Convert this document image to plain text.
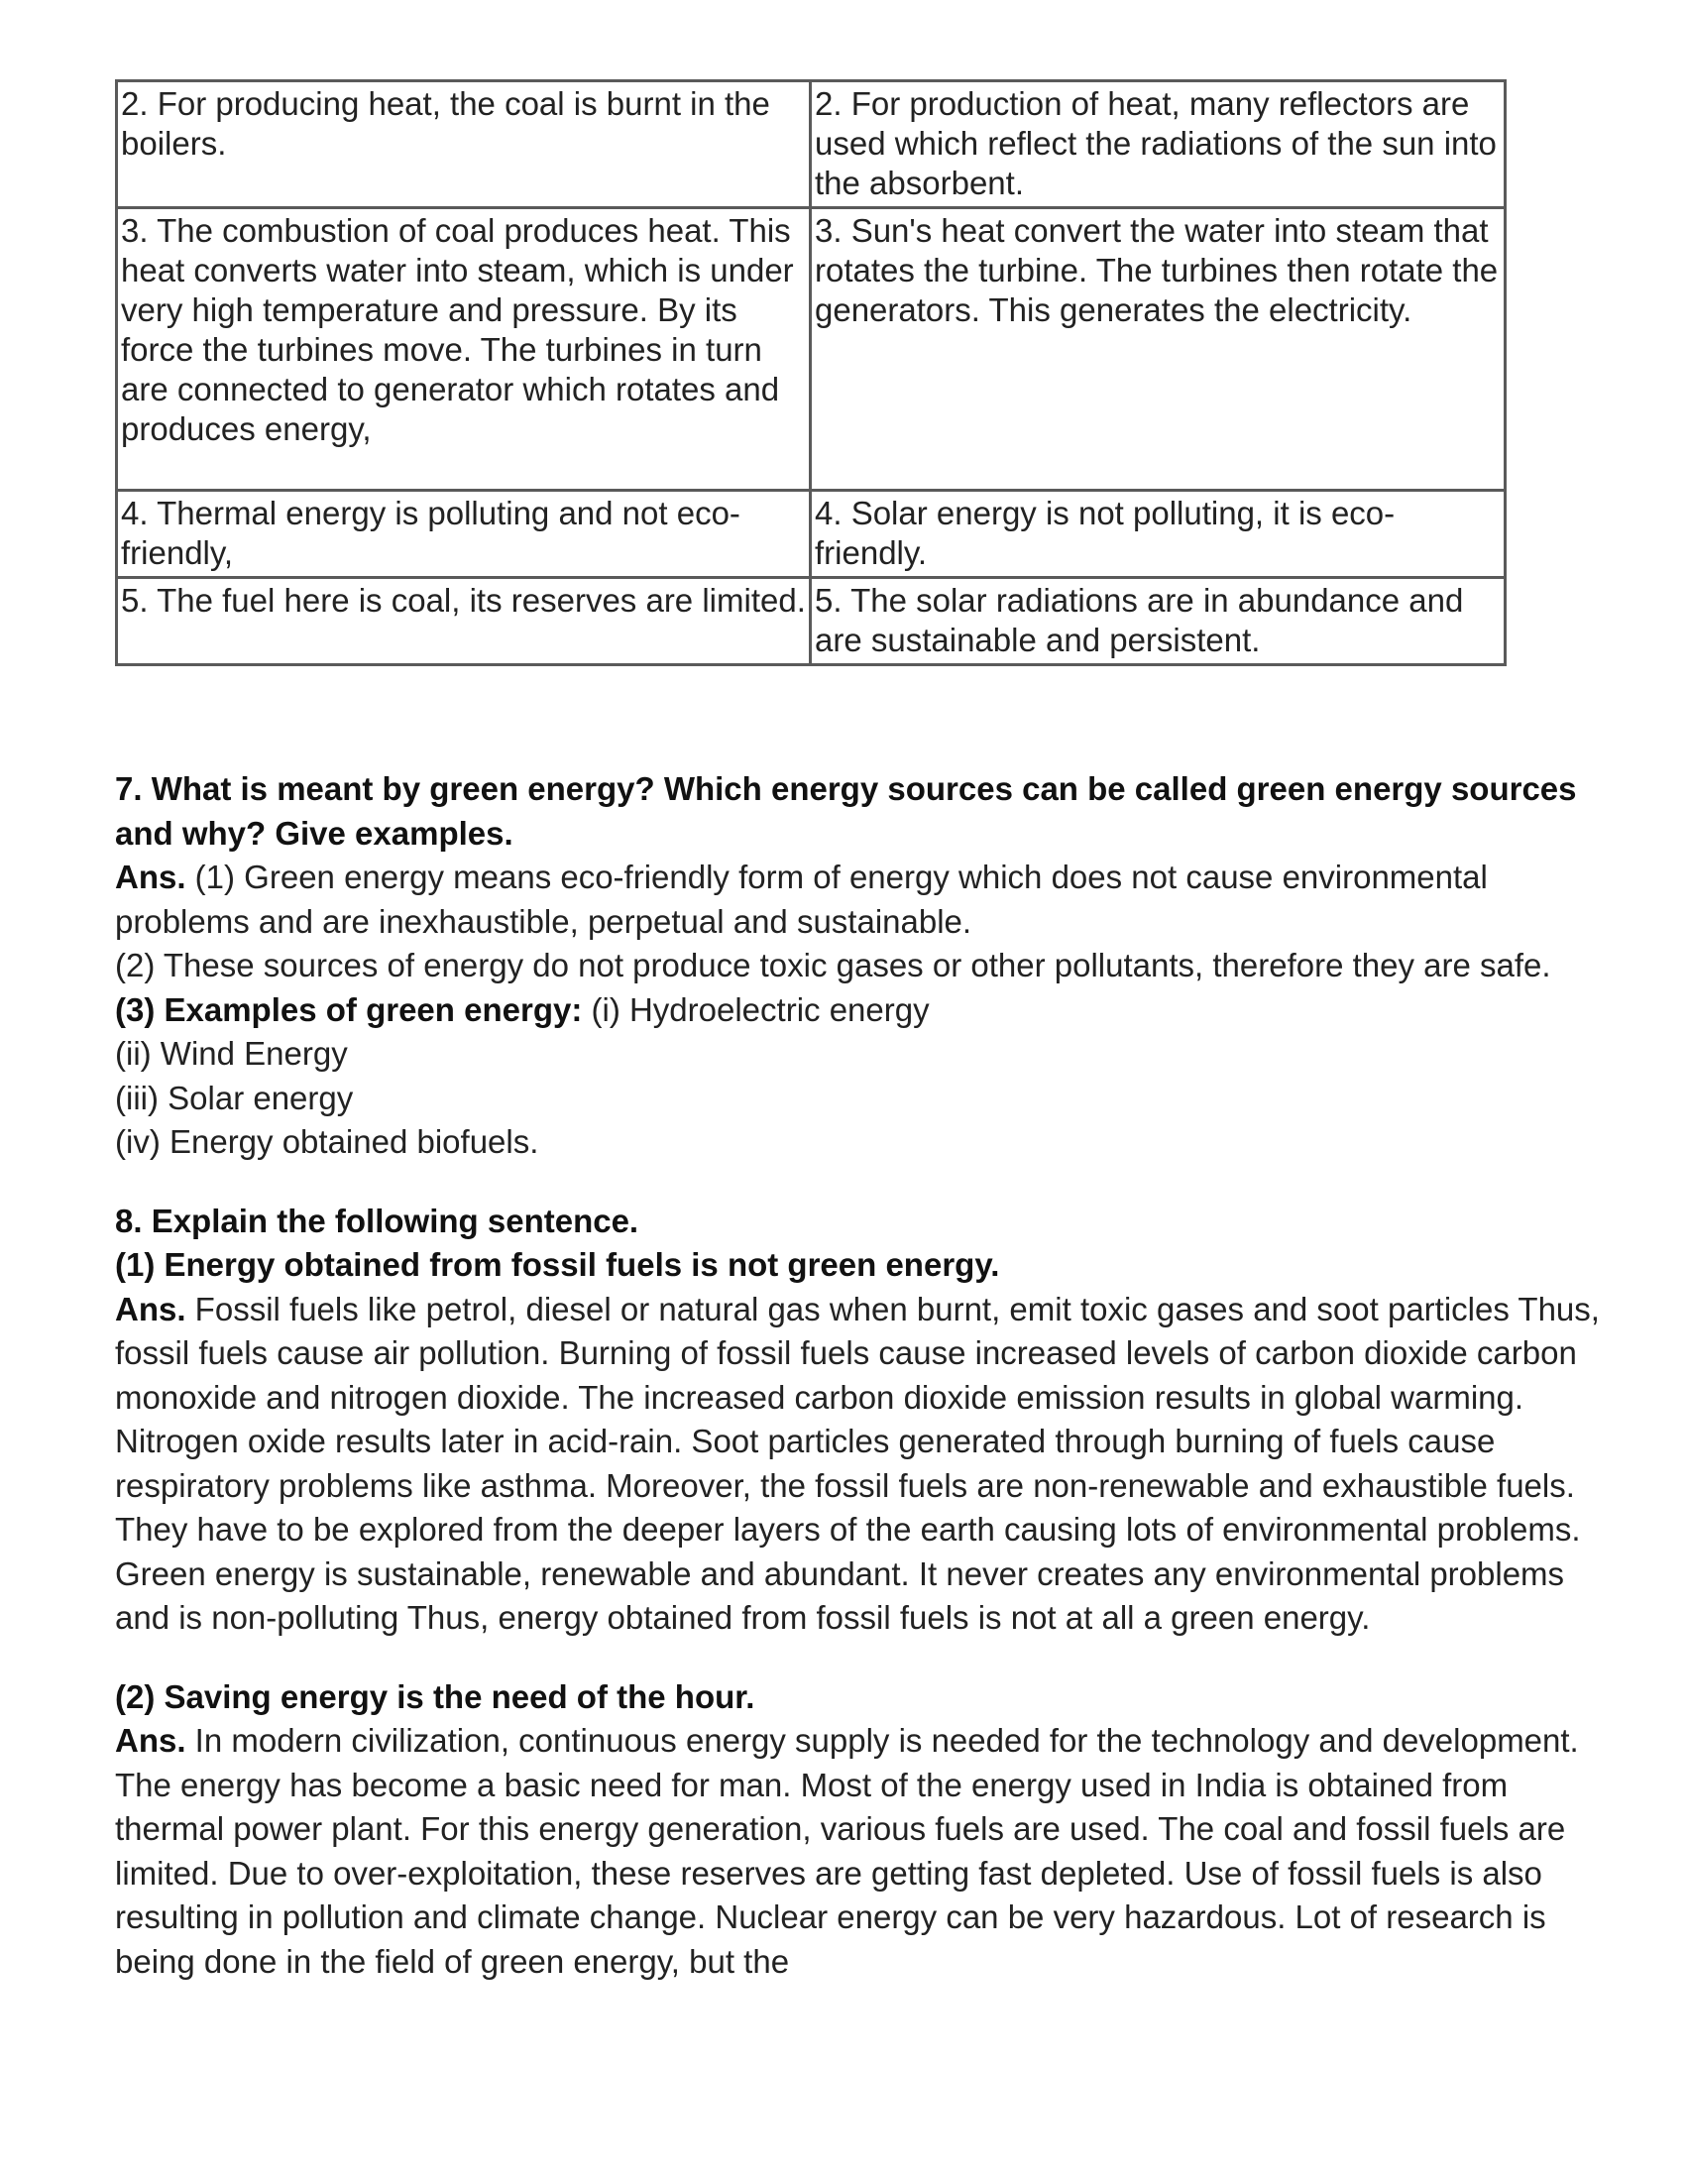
2. For producing heat, the coal is burnt in the boilers.	2. For production of heat, many reflectors are used which reflect the radiations of the sun into the absorbent.
3. The combustion of coal produces heat. This heat converts water into steam, which is under very high temperature and pressure. By its force the turbines move. The turbines in turn are connected to generator which rotates and produces energy,	3. Sun's heat convert the water into steam that rotates the turbine. The turbines then rotate the generators. This generates the electricity.
4. Thermal energy is polluting and not eco-friendly,	4. Solar energy is not polluting, it is eco-friendly.
5. The fuel here is coal, its reserves are limited.	5. The solar radiations are in abundance and are sustainable and persistent.

7. What is meant by green energy? Which energy sources can be called green energy sources and why? Give examples.

Ans. (1) Green energy means eco-friendly form of energy which does not cause environmental problems and are inexhaustible, perpetual and sustainable.

(2) These sources of energy do not produce toxic gases or other pollutants, therefore they are safe.

(3) Examples of green energy: (i) Hydroelectric energy

(ii) Wind Energy

(iii) Solar energy

(iv) Energy obtained biofuels.

8. Explain the following sentence.

(1) Energy obtained from fossil fuels is not green energy.

Ans. Fossil fuels like petrol, diesel or natural gas when burnt, emit toxic gases and soot particles Thus, fossil fuels cause air pollution. Burning of fossil fuels cause increased levels of carbon dioxide carbon monoxide and nitrogen dioxide. The increased carbon dioxide emission results in global warming. Nitrogen oxide results later in acid-rain. Soot particles generated through burning of fuels cause respiratory problems like asthma. Moreover, the fossil fuels are non-renewable and exhaustible fuels. They have to be explored from the deeper layers of the earth causing lots of environmental problems. Green energy is sustainable, renewable and abundant. It never creates any environmental problems and is non-polluting Thus, energy obtained from fossil fuels is not at all a green energy.

(2) Saving energy is the need of the hour.

Ans. In modern civilization, continuous energy supply is needed for the technology and development. The energy has become a basic need for man. Most of the energy used in India is obtained from thermal power plant. For this energy generation, various fuels are used. The coal and fossil fuels are limited. Due to over-exploitation, these reserves are getting fast depleted. Use of fossil fuels is also resulting in pollution and climate change. Nuclear energy can be very hazardous. Lot of research is being done in the field of green energy, but the
